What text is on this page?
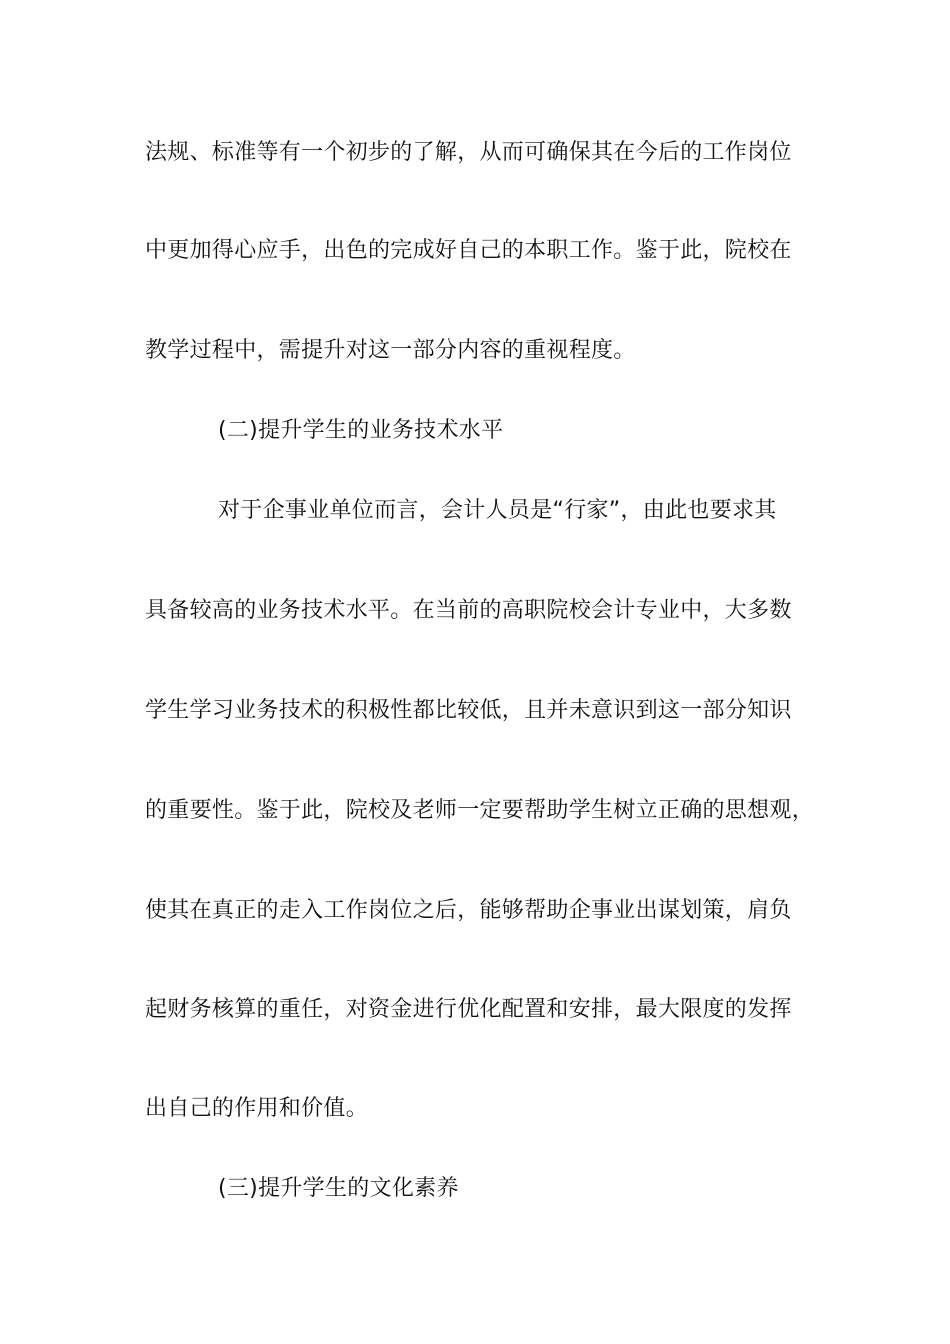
法规、标准等有一个初步的了解，从而可确保其在今后的工作岗位
中更加得心应手，出色的完成好自己的本职工作。鉴于此，院校在
教学过程中，需提升对这一部分内容的重视程度。
(二)提升学生的业务技术水平
对于企事业单位而言，会计人员是“行家”，由此也要求其
具备较高的业务技术水平。在当前的高职院校会计专业中，大多数
学生学习业务技术的积极性都比较低，且并未意识到这一部分知识
的重要性。鉴于此，院校及老师一定要帮助学生树立正确的思想观，
使其在真正的走入工作岗位之后，能够帮助企事业出谋划策，肩负
起财务核算的重任，对资金进行优化配置和安排，最大限度的发挥
出自己的作用和价值。
(三)提升学生的文化素养
